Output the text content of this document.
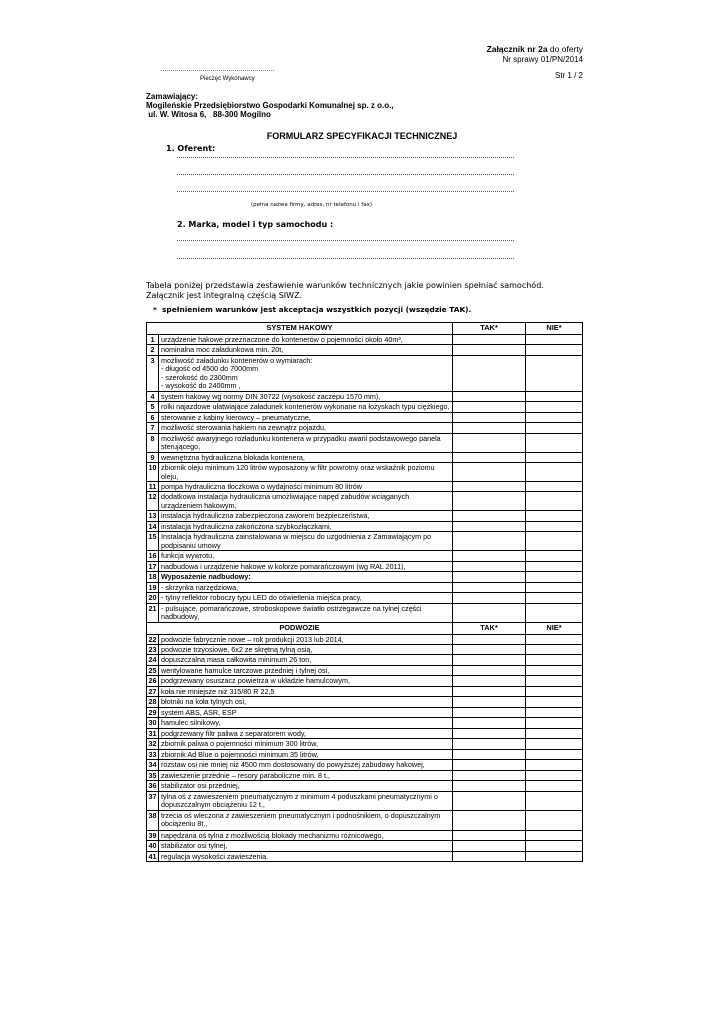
Załącznik nr 2a do oferty
Nr sprawy 01/PN/2014
Str 1 / 2
…………………………………………………
Pieczęć Wykonawcy
Zamawiający:
Mogileńskie Przedsiębiorstwo Gospodarki Komunalnej sp. z o.o.,
ul. W. Witosa 6,   88-300 Mogilno
FORMULARZ SPECYFIKACJI TECHNICZNEJ
1. Oferent:
(pełna nazwa firmy, adres, nr telefonu i fax)
2. Marka, model i typ samochodu :
Tabela poniżej przedstawia zestawienie warunków technicznych jakie powinien spełniać samochód. Załącznik jest integralną częścią SIWZ.
* spełnieniem warunków jest akceptacja wszystkich pozycji (wszędzie TAK).
SYSTEM HAKOWY		TAK*	NIE*
1	urządzenie hakowe przeznaczone do kontenerów o pojemności około 40m³,		
2	nominalna moc załadunkowa min. 20t,		
3	możliwość załadunku kontenerów o wymiarach:
- długość od 4500 do 7000mm
- szerokość do 2300mm
- wysokość do 2400mm ,		
4	system hakowy wg normy DIN 30722 (wysokość zaczepu 1570 mm),		
5	rolki najazdowe ułatwiające załadunek kontenerów wykonane na łożyskach typu ciężkiego,		
6	sterowanie z kabiny kierowcy – pneumatyczne,		
7	możliwość sterowania hakiem na zewnątrz pojazdu,		
8	możliwość awaryjnego rozładunku kontenera w przypadku awarii podstawowego panela sterującego,		
9	wewnętrzna hydrauliczna blokada kontenera,		
10	zbiornik oleju minimum 120 litrów wyposażony w filtr powrotny oraz wskaźnik poziomu oleju,		
11	pompa hydrauliczna tłoczkowa o wydajności minimum 80 litrów		
12	dodatkowa instalacja hydrauliczna umożliwiające napęd zabudów wciąganych urządzeniem hakowym,		
13	instalacja hydrauliczna zabezpieczona zaworem bezpieczeństwa,		
14	instalacja hydrauliczna zakończona szybkozłączkami,		
15	Instalacja hydrauliczna zainstalowana w miejscu do uzgodnienia z Zamawiającym po podpisaniu umowy		
16	funkcja wywrotu,		
17	nadbudowa i urządzenie hakowe w kolorze pomarańczowym (wg RAL 2011),		
18	Wyposażenie nadbudowy:		
19	- skrzynka narzędziowa,		
20	- tylny reflektor roboczy typu LED do oświetlenia miejsca pracy,		
21	- pulsujące, pomarańczowe, stroboskopowe światło ostrzegawcze na tylnej części nadbudowy,		
PODWOZIE		TAK*	NIE*
22	podwozie fabrycznie nowe – rok produkcji 2013 lub 2014,		
23	podwozie trzyosiowe, 6x2 ze skrętną tylną osią,		
24	dopuszczalna masa całkowita minimum 26 ton,		
25	wentylowane hamulce tarczowe przedniej i tylnej osi,		
26	podgrzewany osuszacz powietrza w układzie hamulcowym,		
27	koła nie mniejsze niż 315/80 R 22,5		
28	błotniki na koła tylnych osi,		
29	system ABS, ASR, ESP		
30	hamulec silnikowy,		
31	podgrzewany filtr paliwa z separatorem wody,		
32	zbiornik paliwa o pojemności minimum 300 litrów,		
33	zbiornik Ad Blue o pojemności minimum 35 litrów,		
34	rozstaw osi nie mniej niż 4500 mm dostosowany do powyższej zabudowy hakowej,		
35	zawieszenie przednie – resory paraboliczne min. 8 t.,		
36	stabilizator osi przedniej,		
37	tylna oś z zawieszeniem pneumatycznym z minimum 4 poduszkami pneumatycznymi o dopuszczalnym obciążeniu 12 t.,		
38	trzecia oś wleczona z zawieszeniem pneumatycznym i podnośnikiem, o dopuszczalnym obciążeniu 8t.,		
39	napędzana oś tylna z możliwością blokady mechanizmu różnicowego,		
40	stabilizator osi tylnej,		
41	regulacja wysokości zawieszenia.		
